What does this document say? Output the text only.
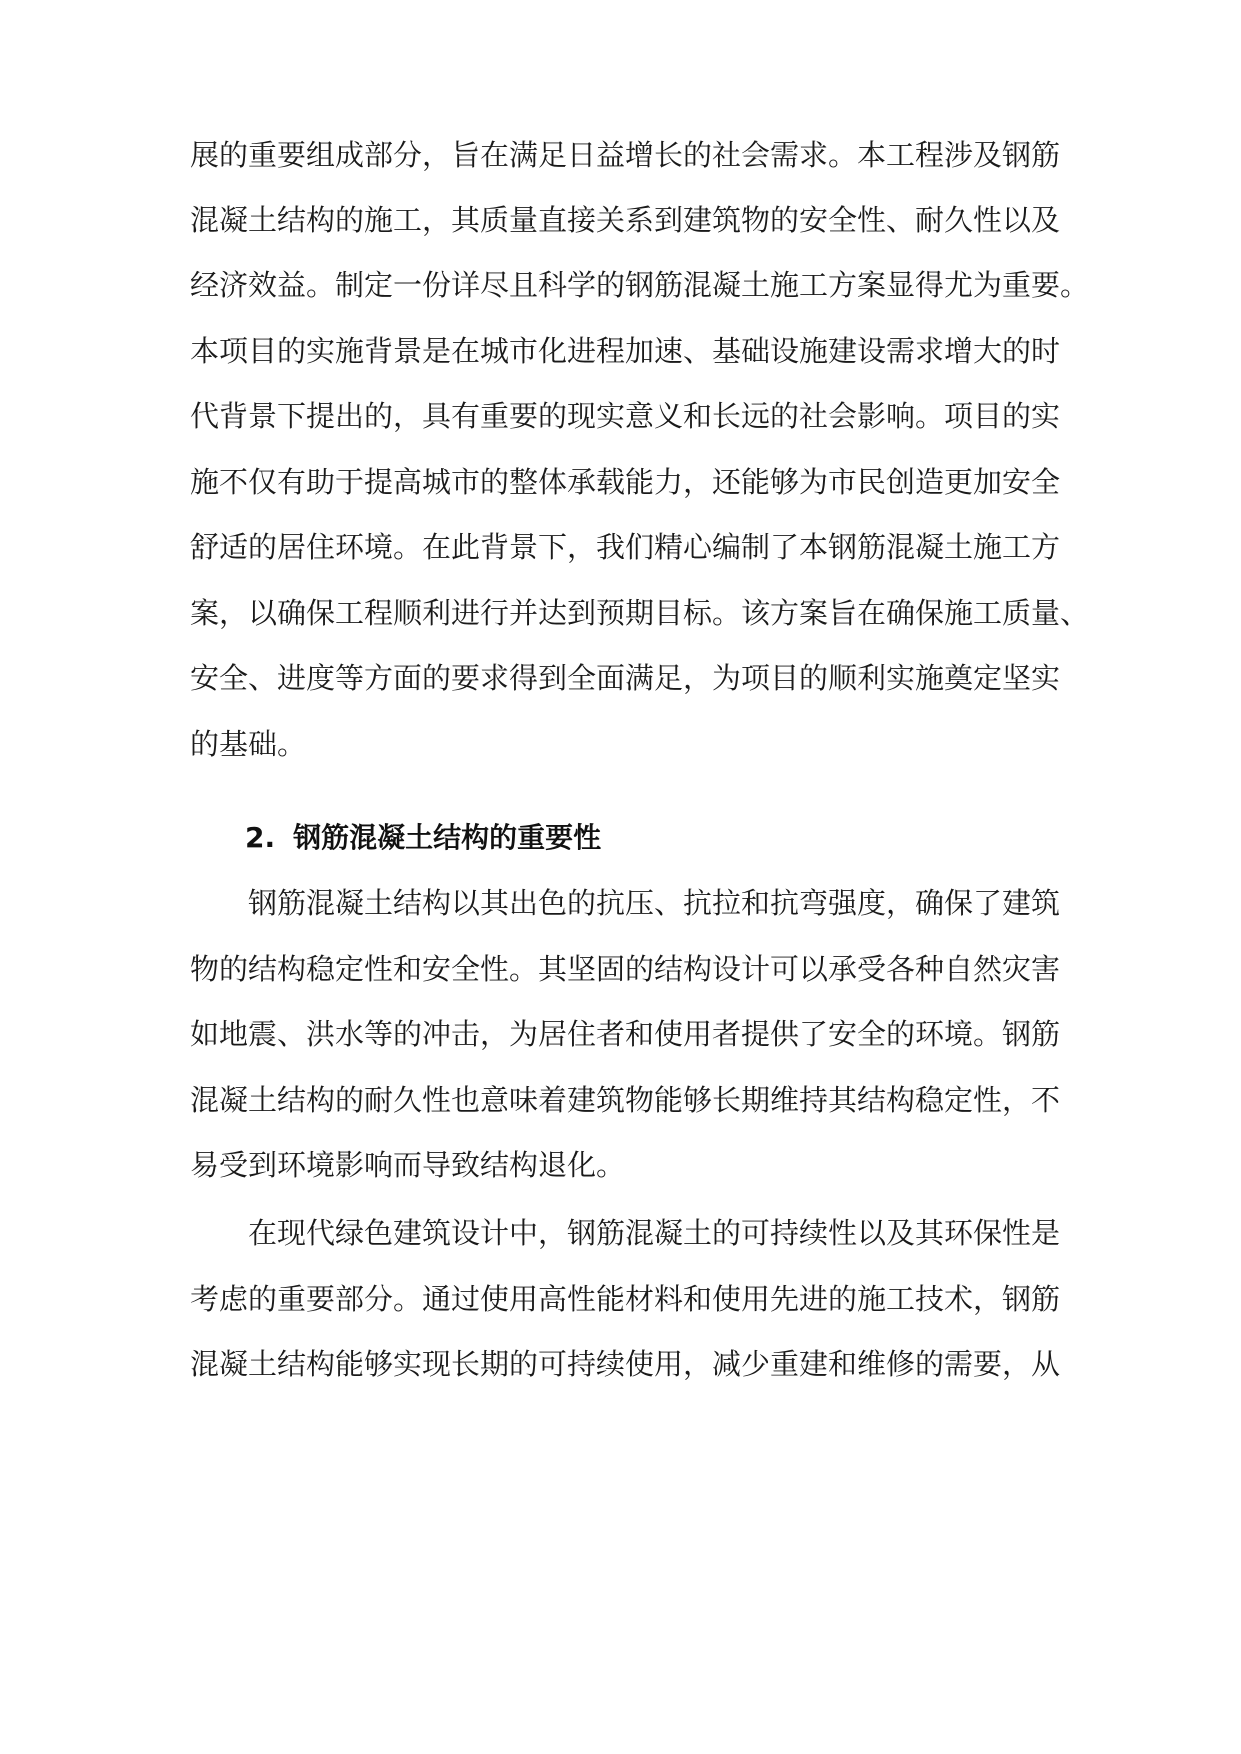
展的重要组成部分，旨在满足日益增长的社会需求。本工程涉及钢筋
混凝土结构的施工，其质量直接关系到建筑物的安全性、耐久性以及
经济效益。制定一份详尽且科学的钢筋混凝土施工方案显得尤为重要。
本项目的实施背景是在城市化进程加速、基础设施建设需求增大的时
代背景下提出的，具有重要的现实意义和长远的社会影响。项目的实
施不仅有助于提高城市的整体承载能力，还能够为市民创造更加安全
舒适的居住环境。在此背景下，我们精心编制了本钢筋混凝土施工方
案，以确保工程顺利进行并达到预期目标。该方案旨在确保施工质量、
安全、进度等方面的要求得到全面满足，为项目的顺利实施奠定坚实
的基础。
2. 钢筋混凝土结构的重要性
钢筋混凝土结构以其出色的抗压、抗拉和抗弯强度，确保了建筑
物的结构稳定性和安全性。其坚固的结构设计可以承受各种自然灾害
如地震、洪水等的冲击，为居住者和使用者提供了安全的环境。钢筋
混凝土结构的耐久性也意味着建筑物能够长期维持其结构稳定性，不
易受到环境影响而导致结构退化。
在现代绿色建筑设计中，钢筋混凝土的可持续性以及其环保性是
考虑的重要部分。通过使用高性能材料和使用先进的施工技术，钢筋
混凝土结构能够实现长期的可持续使用，减少重建和维修的需要，从
